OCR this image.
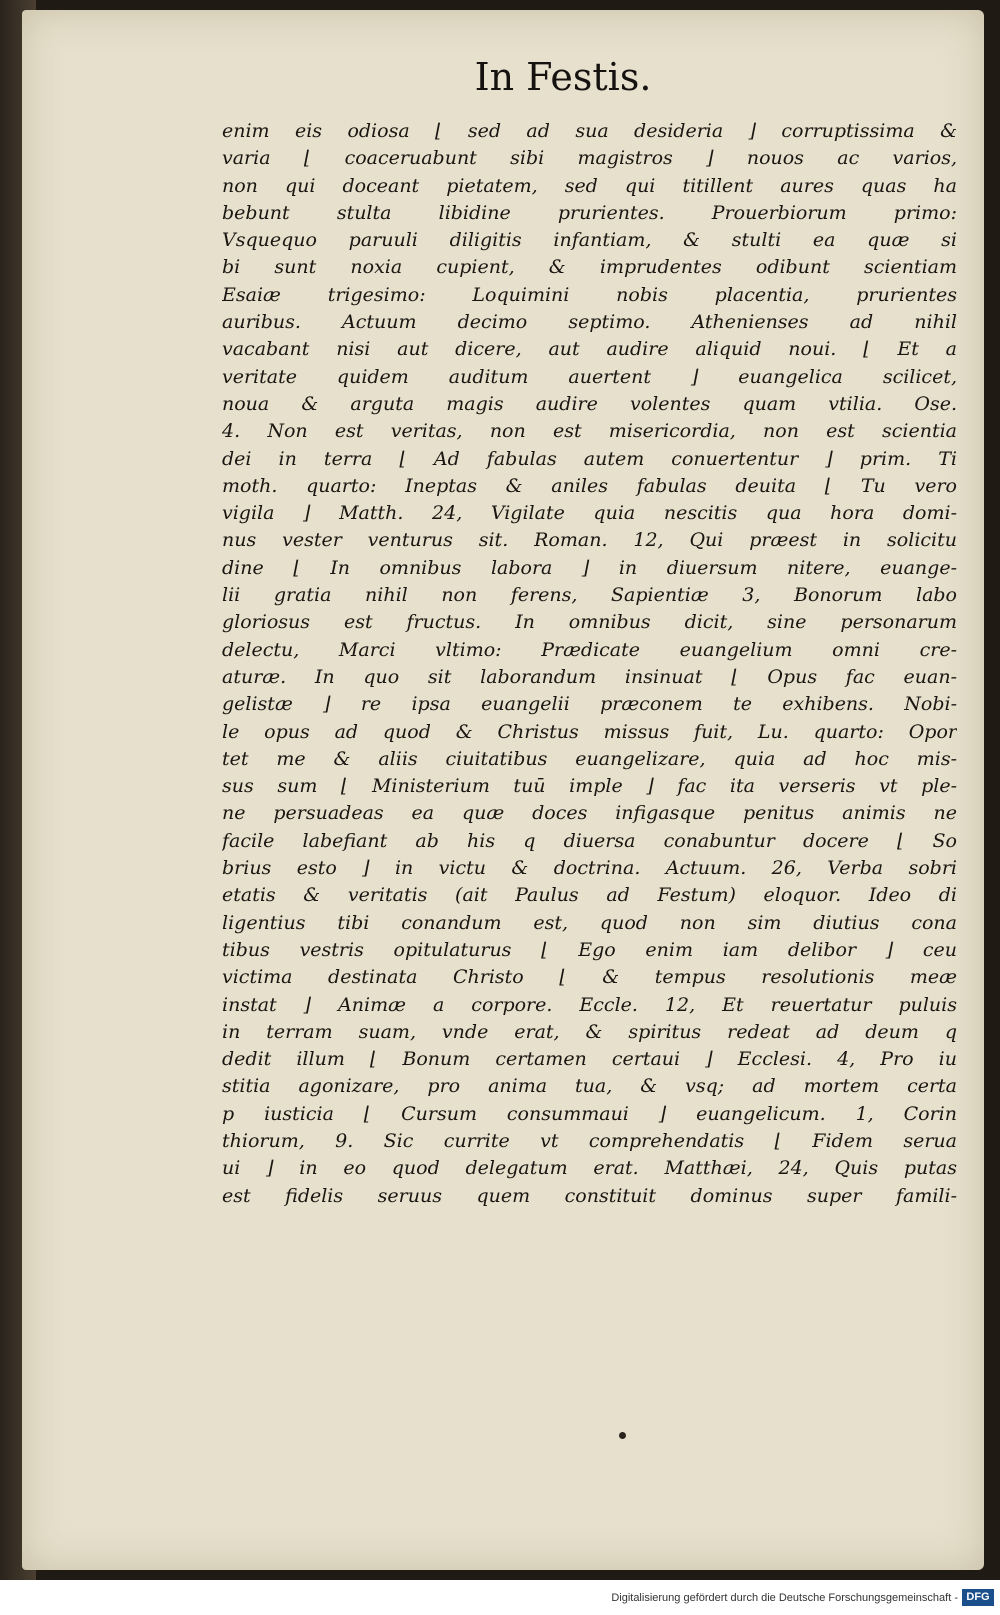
In Festis.
enim eis odiosa ⌊ sed ad sua desideria ⌋ corruptissima &
varia ⌊ coaceruabunt sibi magistros ⌋ nouos ac varios,
non qui doceant pietatem, sed qui titillent aures quas ha
bebunt stulta libidine prurientes. Prouerbiorum primo:
Vsquequo paruuli diligitis infantiam, & stulti ea quæ si
bi sunt noxia cupient, & imprudentes odibunt scientiam
Esaiæ trigesimo: Loquimini nobis placentia, prurientes
auribus. Actuum decimo septimo. Athenienses ad nihil
vacabant nisi aut dicere, aut audire aliquid noui. ⌊ Et a
veritate quidem auditum auertent ⌋ euangelica scilicet,
noua & arguta magis audire volentes quam vtilia. Ose.
4. Non est veritas, non est misericordia, non est scientia
dei in terra ⌊ Ad fabulas autem conuertentur ⌋ prim. Ti
moth. quarto: Ineptas & aniles fabulas deuita ⌊ Tu vero
vigila ⌋ Matth. 24, Vigilate quia nescitis qua hora domi-
nus vester venturus sit. Roman. 12, Qui præest in solicitu
dine ⌊ In omnibus labora ⌋ in diuersum nitere, euange-
lii gratia nihil non ferens, Sapientiæ 3, Bonorum labo
gloriosus est fructus. In omnibus dicit, sine personarum
delectu, Marci vltimo: Prædicate euangelium omni cre-
aturæ. In quo sit laborandum insinuat ⌊ Opus fac euan-
gelistæ ⌋ re ipsa euangelii præconem te exhibens. Nobi-
le opus ad quod & Christus missus fuit, Lu. quarto: Opor
tet me & aliis ciuitatibus euangelizare, quia ad hoc mis-
sus sum ⌊ Ministerium tuū imple ⌋ fac ita verseris vt ple-
ne persuadeas ea quæ doces infigasque penitus animis ne
facile labefiant ab his q diuersa conabuntur docere ⌊ So
brius esto ⌋ in victu & doctrina. Actuum. 26, Verba sobri
etatis & veritatis (ait Paulus ad Festum) eloquor. Ideo di
ligentius tibi conandum est, quod non sim diutius cona
tibus vestris opitulaturus ⌊ Ego enim iam delibor ⌋ ceu
victima destinata Christo ⌊ & tempus resolutionis meæ
instat ⌋ Animæ a corpore. Eccle. 12, Et reuertatur puluis
in terram suam, vnde erat, & spiritus redeat ad deum q
dedit illum ⌊ Bonum certamen certaui ⌋ Ecclesi. 4, Pro iu
stitia agonizare, pro anima tua, & vsq; ad mortem certa
p iusticia ⌊ Cursum consummaui ⌋ euangelicum. 1, Corin
thiorum, 9. Sic currite vt comprehendatis ⌊ Fidem serua
ui ⌋ in eo quod delegatum erat. Matthæi, 24, Quis putas
est fidelis seruus quem constituit dominus super famili-
Digitalisierung gefördert durch die Deutsche Forschungsgemeinschaft - DFG
